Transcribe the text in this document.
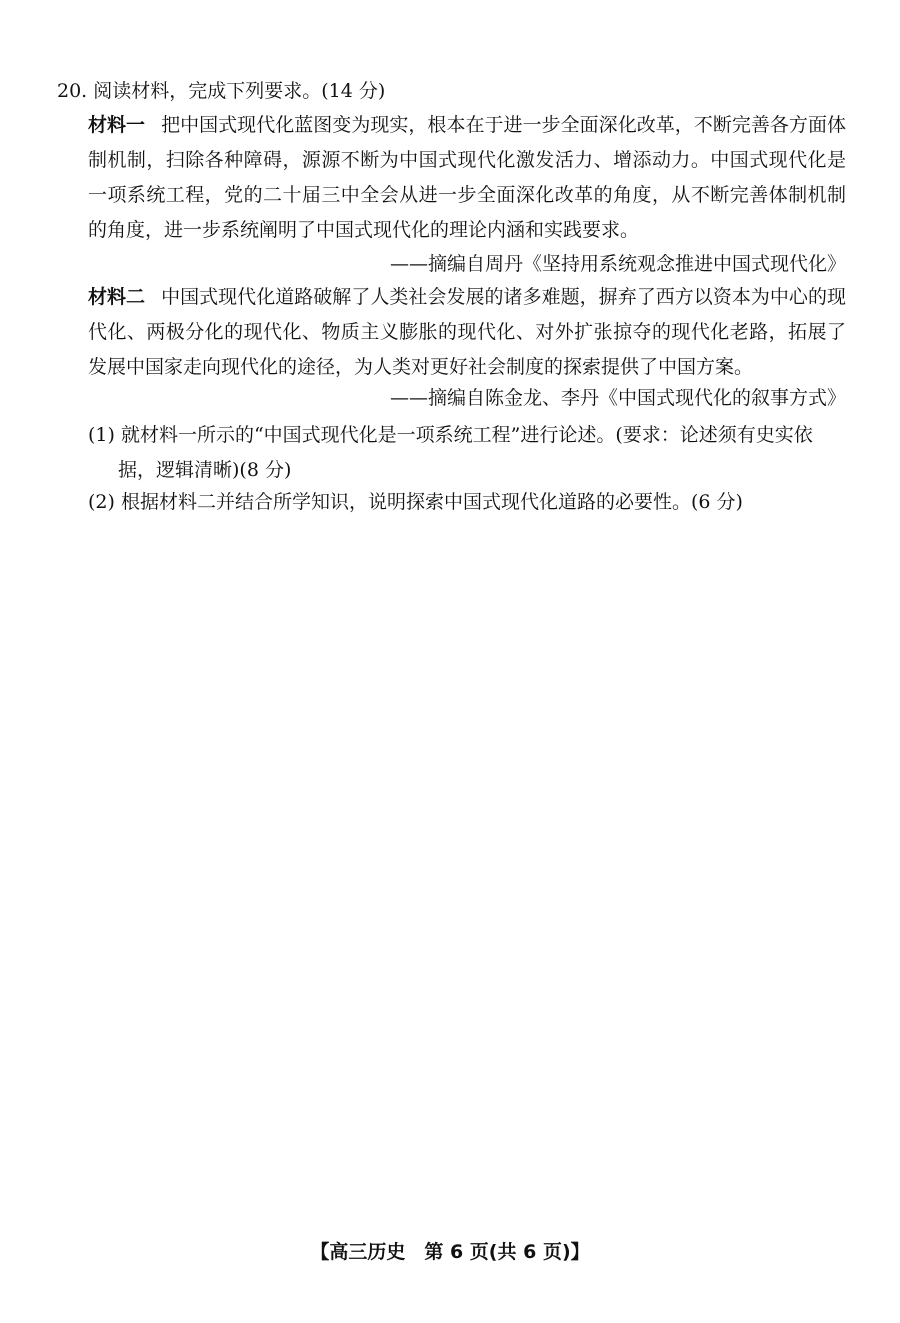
20. 阅读材料，完成下列要求。(14 分)
材料一 把中国式现代化蓝图变为现实，根本在于进一步全面深化改革，不断完善各方面体制机制，扫除各种障碍，源源不断为中国式现代化激发活力、增添动力。中国式现代化是一项系统工程，党的二十届三中全会从进一步全面深化改革的角度，从不断完善体制机制的角度，进一步系统阐明了中国式现代化的理论内涵和实践要求。
——摘编自周丹《坚持用系统观念推进中国式现代化》
材料二 中国式现代化道路破解了人类社会发展的诸多难题，摒弃了西方以资本为中心的现代化、两极分化的现代化、物质主义膨胀的现代化、对外扩张掠夺的现代化老路，拓展了发展中国家走向现代化的途径，为人类对更好社会制度的探索提供了中国方案。
——摘编自陈金龙、李丹《中国式现代化的叙事方式》
(1) 就材料一所示的“中国式现代化是一项系统工程”进行论述。(要求：论述须有史实依
据，逻辑清晰)(8 分)
(2) 根据材料二并结合所学知识，说明探索中国式现代化道路的必要性。(6 分)
【高三历史　第 6 页(共 6 页)】
